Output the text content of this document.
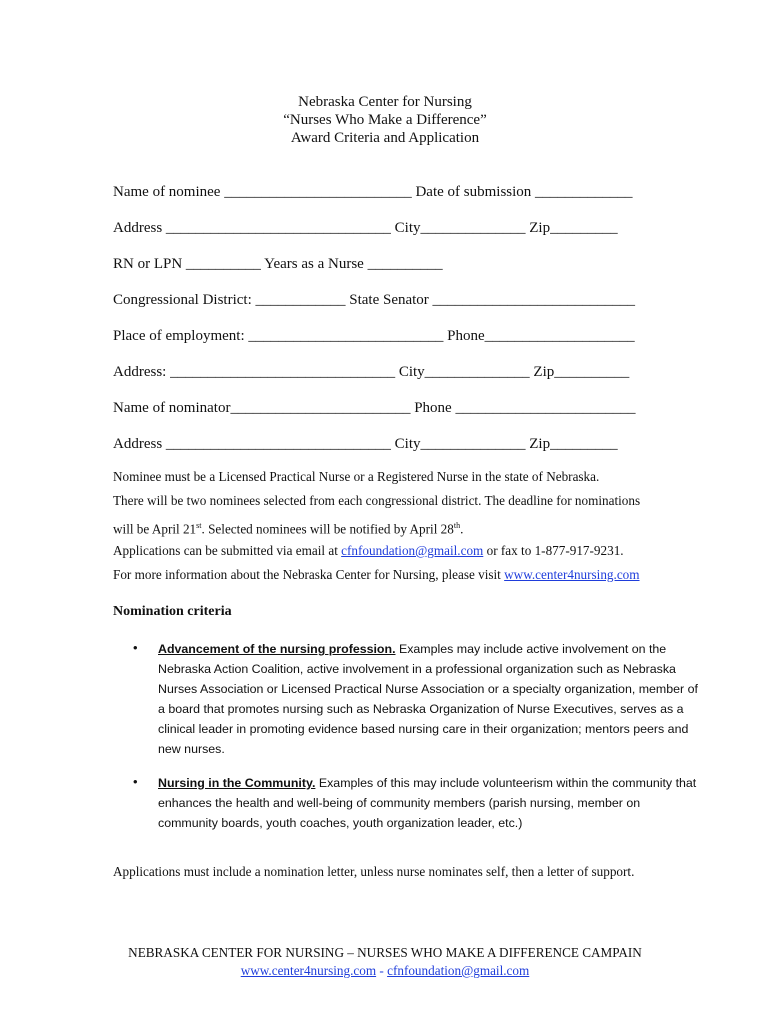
Nebraska Center for Nursing
“Nurses Who Make a Difference”
Award Criteria and Application
Name of nominee _________________________ Date of submission _____________
Address ______________________________ City______________ Zip_________
RN or LPN __________ Years as a Nurse __________
Congressional District: ____________ State Senator ___________________________
Place of employment: __________________________ Phone____________________
Address: ______________________________ City______________ Zip__________
Name of nominator________________________ Phone ________________________
Address ______________________________ City______________ Zip_________
Nominee must be a Licensed Practical Nurse or a Registered Nurse in the state of Nebraska.
There will be two nominees selected from each congressional district. The deadline for nominations
will be April 21st. Selected nominees will be notified by April 28th.
Applications can be submitted via email at cfnfoundation@gmail.com or fax to 1-877-917-9231.
For more information about the Nebraska Center for Nursing, please visit www.center4nursing.com
Nomination criteria
• Advancement of the nursing profession. Examples may include active involvement on the Nebraska Action Coalition, active involvement in a professional organization such as Nebraska Nurses Association or Licensed Practical Nurse Association or a specialty organization, member of a board that promotes nursing such as Nebraska Organization of Nurse Executives, serves as a clinical leader in promoting evidence based nursing care in their organization; mentors peers and new nurses.
• Nursing in the Community. Examples of this may include volunteerism within the community that enhances the health and well-being of community members (parish nursing, member on community boards, youth coaches, youth organization leader, etc.)
Applications must include a nomination letter, unless nurse nominates self, then a letter of support.
NEBRASKA CENTER FOR NURSING – NURSES WHO MAKE A DIFFERENCE CAMPAIN
www.center4nursing.com - cfnfoundation@gmail.com
